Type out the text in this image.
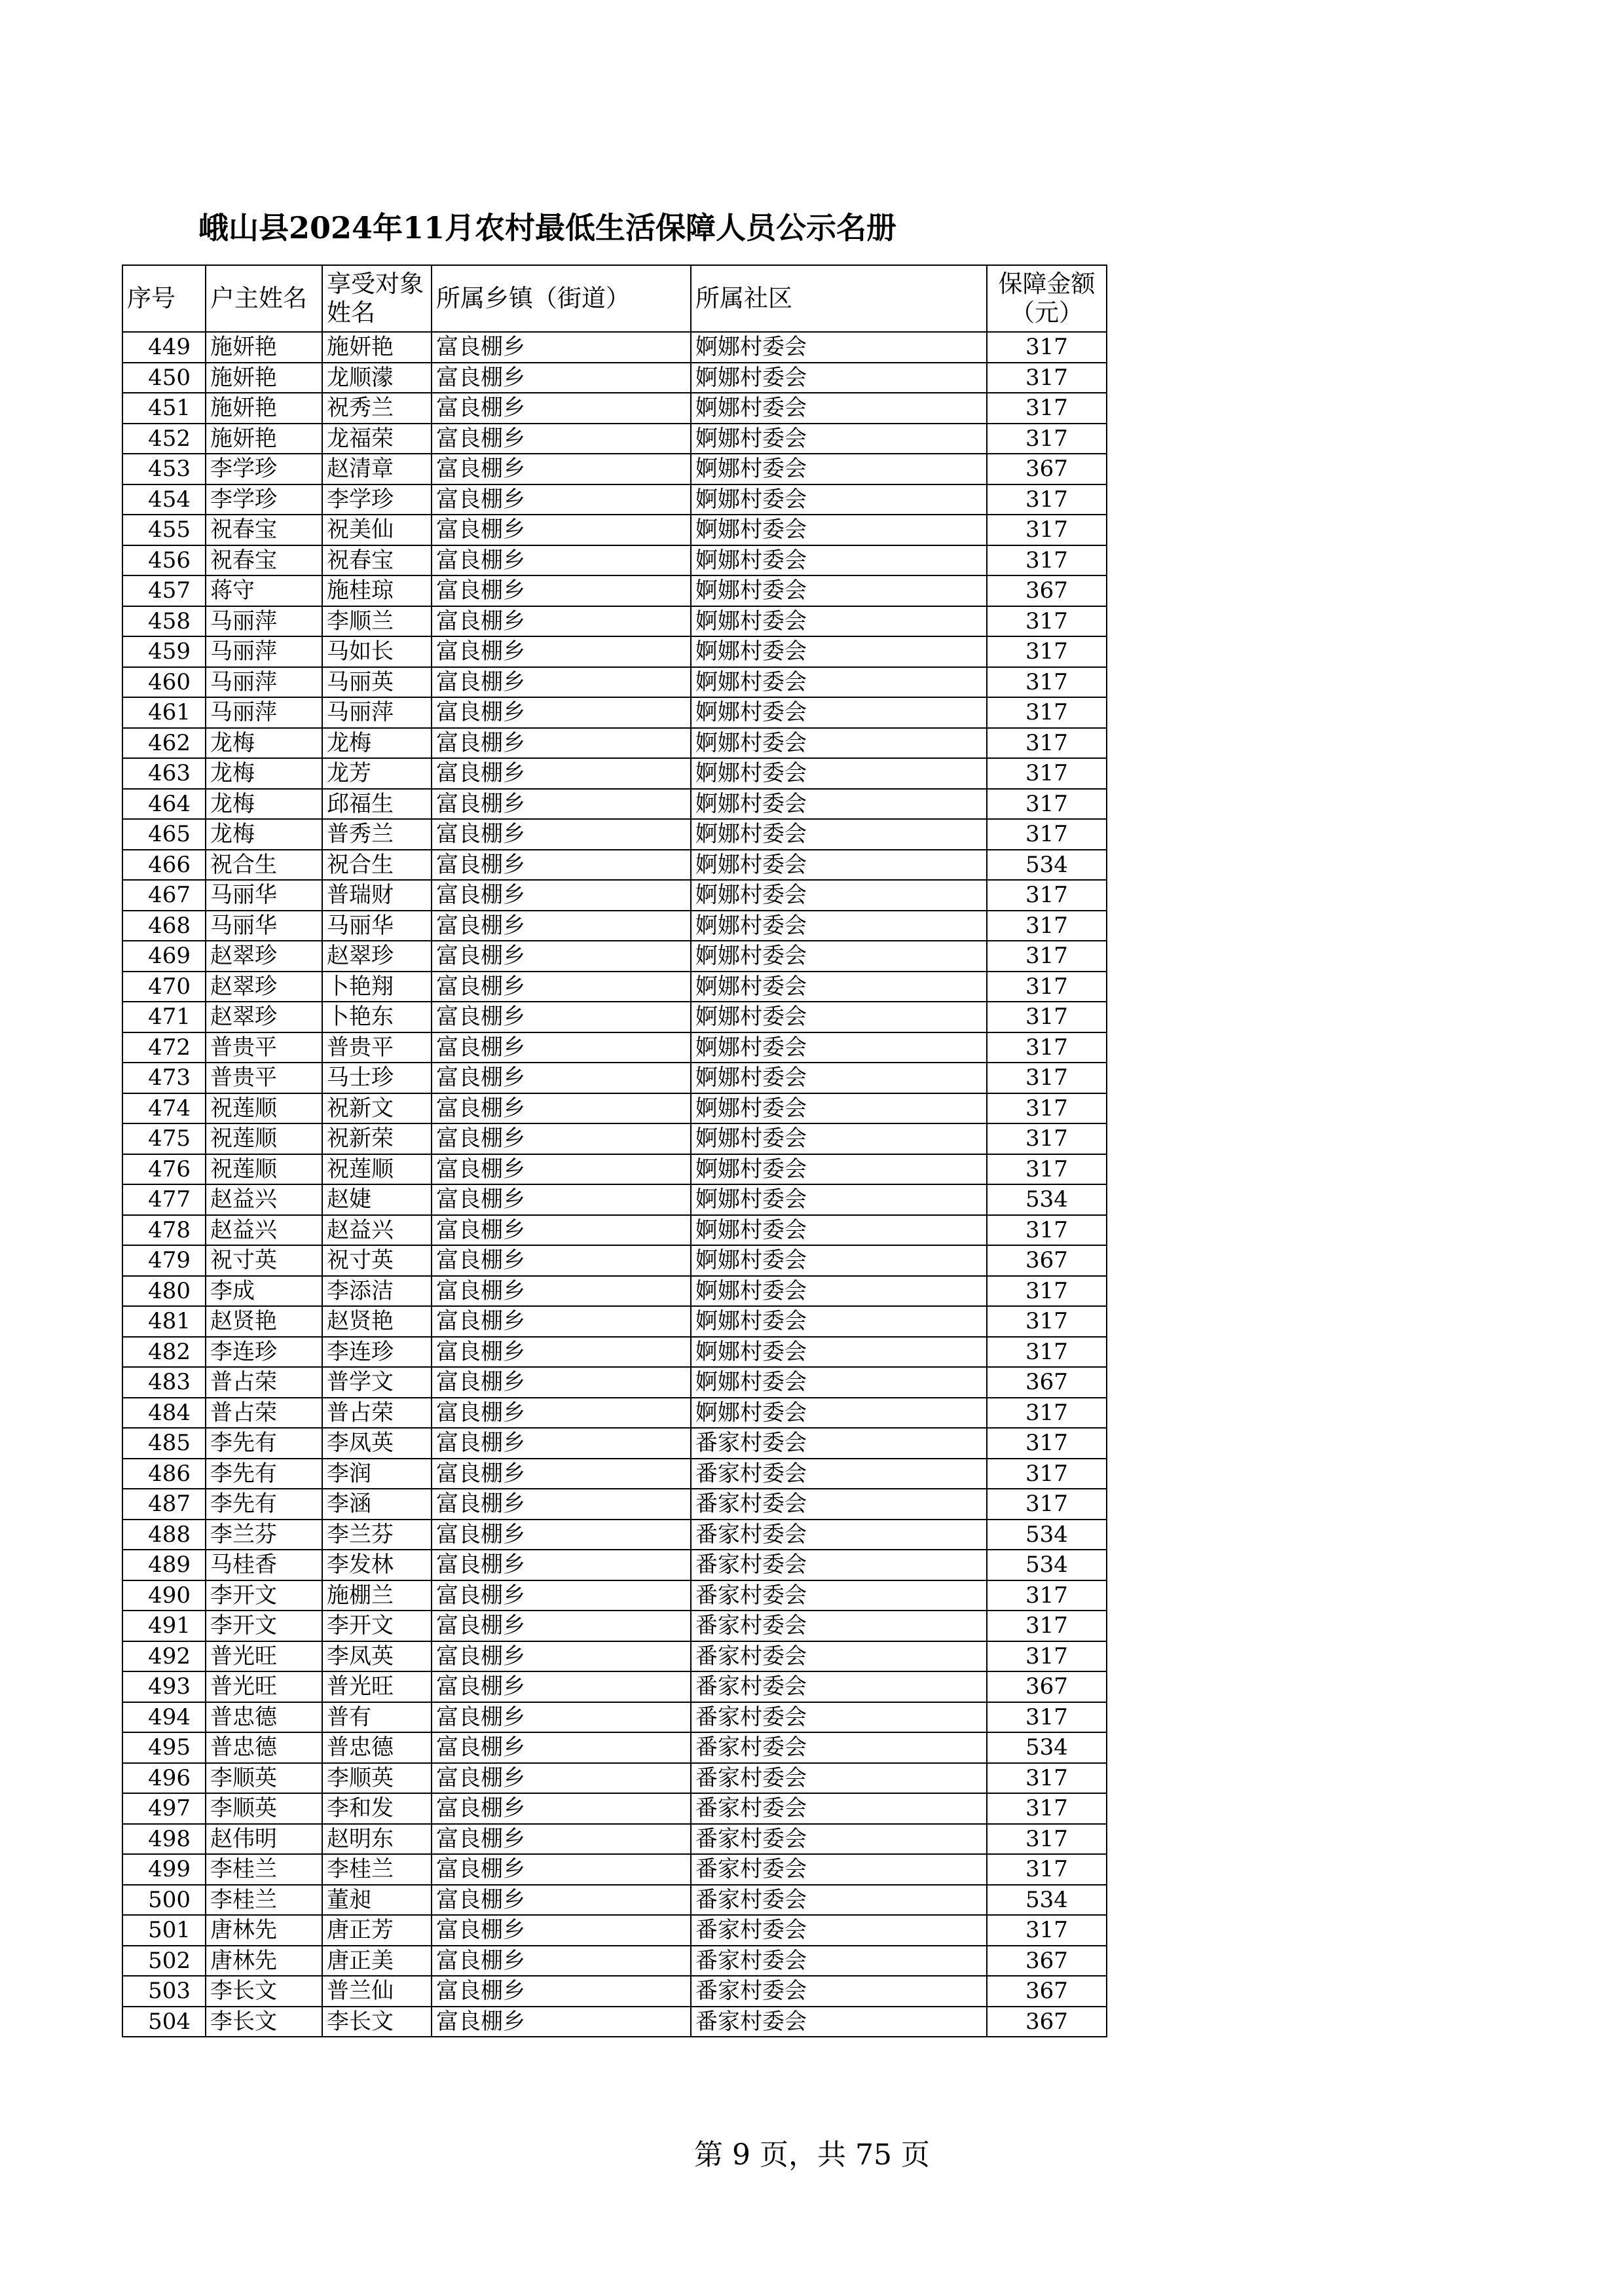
峨山县2024年11月农村最低生活保障人员公示名册
序号	户主姓名	享受对象姓名	所属乡镇（街道）	所属社区	保障金额（元）
449	施妍艳	施妍艳	富良棚乡	婀娜村委会	317
450	施妍艳	龙顺濛	富良棚乡	婀娜村委会	317
451	施妍艳	祝秀兰	富良棚乡	婀娜村委会	317
452	施妍艳	龙福荣	富良棚乡	婀娜村委会	317
453	李学珍	赵清章	富良棚乡	婀娜村委会	367
454	李学珍	李学珍	富良棚乡	婀娜村委会	317
455	祝春宝	祝美仙	富良棚乡	婀娜村委会	317
456	祝春宝	祝春宝	富良棚乡	婀娜村委会	317
457	蒋守	施桂琼	富良棚乡	婀娜村委会	367
458	马丽萍	李顺兰	富良棚乡	婀娜村委会	317
459	马丽萍	马如长	富良棚乡	婀娜村委会	317
460	马丽萍	马丽英	富良棚乡	婀娜村委会	317
461	马丽萍	马丽萍	富良棚乡	婀娜村委会	317
462	龙梅	龙梅	富良棚乡	婀娜村委会	317
463	龙梅	龙芳	富良棚乡	婀娜村委会	317
464	龙梅	邱福生	富良棚乡	婀娜村委会	317
465	龙梅	普秀兰	富良棚乡	婀娜村委会	317
466	祝合生	祝合生	富良棚乡	婀娜村委会	534
467	马丽华	普瑞财	富良棚乡	婀娜村委会	317
468	马丽华	马丽华	富良棚乡	婀娜村委会	317
469	赵翠珍	赵翠珍	富良棚乡	婀娜村委会	317
470	赵翠珍	卜艳翔	富良棚乡	婀娜村委会	317
471	赵翠珍	卜艳东	富良棚乡	婀娜村委会	317
472	普贵平	普贵平	富良棚乡	婀娜村委会	317
473	普贵平	马士珍	富良棚乡	婀娜村委会	317
474	祝莲顺	祝新文	富良棚乡	婀娜村委会	317
475	祝莲顺	祝新荣	富良棚乡	婀娜村委会	317
476	祝莲顺	祝莲顺	富良棚乡	婀娜村委会	317
477	赵益兴	赵婕	富良棚乡	婀娜村委会	534
478	赵益兴	赵益兴	富良棚乡	婀娜村委会	317
479	祝寸英	祝寸英	富良棚乡	婀娜村委会	367
480	李成	李添洁	富良棚乡	婀娜村委会	317
481	赵贤艳	赵贤艳	富良棚乡	婀娜村委会	317
482	李连珍	李连珍	富良棚乡	婀娜村委会	317
483	普占荣	普学文	富良棚乡	婀娜村委会	367
484	普占荣	普占荣	富良棚乡	婀娜村委会	317
485	李先有	李凤英	富良棚乡	番家村委会	317
486	李先有	李润	富良棚乡	番家村委会	317
487	李先有	李涵	富良棚乡	番家村委会	317
488	李兰芬	李兰芬	富良棚乡	番家村委会	534
489	马桂香	李发林	富良棚乡	番家村委会	534
490	李开文	施棚兰	富良棚乡	番家村委会	317
491	李开文	李开文	富良棚乡	番家村委会	317
492	普光旺	李凤英	富良棚乡	番家村委会	317
493	普光旺	普光旺	富良棚乡	番家村委会	367
494	普忠德	普有	富良棚乡	番家村委会	317
495	普忠德	普忠德	富良棚乡	番家村委会	534
496	李顺英	李顺英	富良棚乡	番家村委会	317
497	李顺英	李和发	富良棚乡	番家村委会	317
498	赵伟明	赵明东	富良棚乡	番家村委会	317
499	李桂兰	李桂兰	富良棚乡	番家村委会	317
500	李桂兰	董昶	富良棚乡	番家村委会	534
501	唐林先	唐正芳	富良棚乡	番家村委会	317
502	唐林先	唐正美	富良棚乡	番家村委会	367
503	李长文	普兰仙	富良棚乡	番家村委会	367
504	李长文	李长文	富良棚乡	番家村委会	367
第 9 页，共 75 页
